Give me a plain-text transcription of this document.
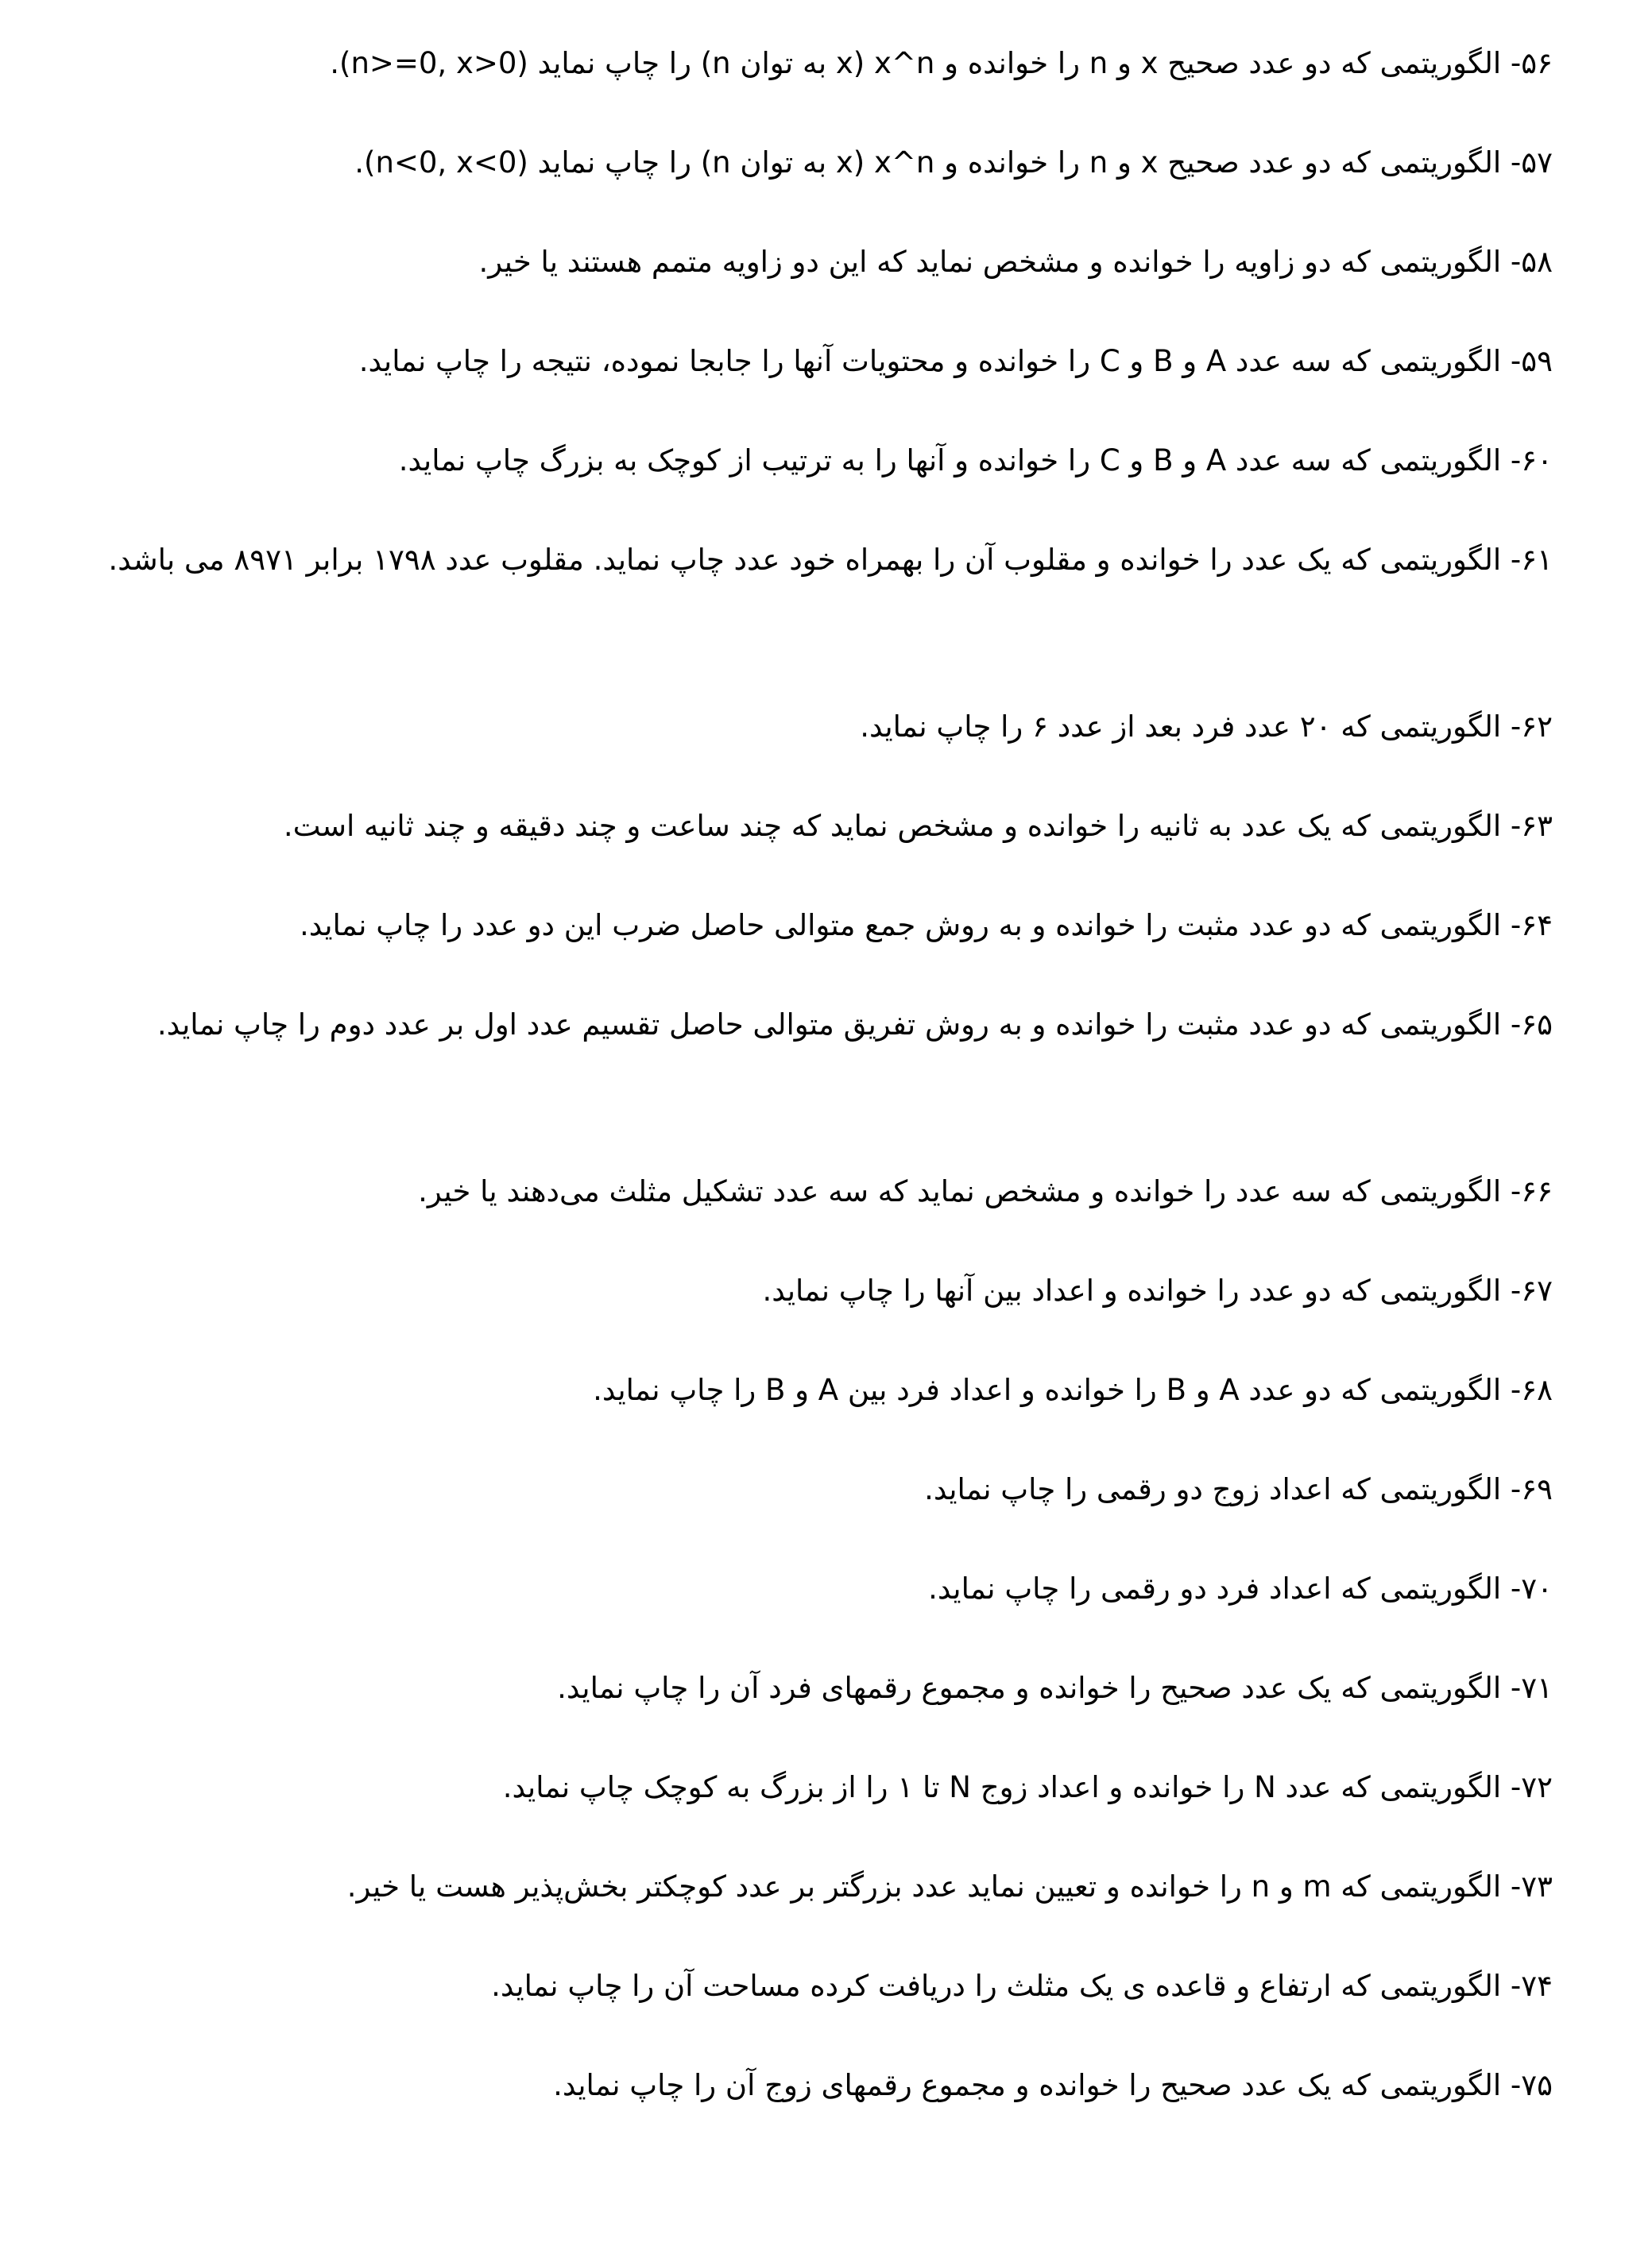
۵۶- الگوریتمی که دو عدد صحیح x و n را خوانده و x^n (x به توان n) را چاپ نماید (n>=0, x>0).

۵۷- الگوریتمی که دو عدد صحیح x و n را خوانده و x^n (x به توان n) را چاپ نماید (n<0, x<0).

۵۸- الگوریتمی که دو زاویه را خوانده و مشخص نماید که این دو زاویه متمم هستند یا خیر.

۵۹- الگوریتمی که سه عدد A و B و C را خوانده و محتویات آنها را جابجا نموده، نتیجه را چاپ نماید.

۶۰- الگوریتمی که سه عدد A و B و C را خوانده و آنها را به ترتیب از کوچک به بزرگ چاپ نماید.

۶۱- الگوریتمی که یک عدد را خوانده و مقلوب آن را بهمراه خود عدد چاپ نماید. مقلوب عدد ۱۷۹۸ برابر ۸۹۷۱ می باشد.

۶۲- الگوریتمی که ۲۰ عدد فرد بعد از عدد ۶ را چاپ نماید.

۶۳- الگوریتمی که یک عدد به ثانیه را خوانده و مشخص نماید که چند ساعت و چند دقیقه و چند ثانیه است.

۶۴- الگوریتمی که دو عدد مثبت را خوانده و به روش جمع متوالی حاصل ضرب این دو عدد را چاپ نماید.

۶۵- الگوریتمی که دو عدد مثبت را خوانده و به روش تفریق متوالی حاصل تقسیم عدد اول بر عدد دوم را چاپ نماید.

۶۶- الگوریتمی که سه عدد را خوانده و مشخص نماید که سه عدد تشکیل مثلث می‌دهند یا خیر.

۶۷- الگوریتمی که دو عدد را خوانده و اعداد بین آنها را چاپ نماید.

۶۸- الگوریتمی که دو عدد A و B را خوانده و اعداد فرد بین A و B را چاپ نماید.

۶۹- الگوریتمی که اعداد زوج دو رقمی را چاپ نماید.

۷۰- الگوریتمی که اعداد فرد دو رقمی را چاپ نماید.

۷۱- الگوریتمی که یک عدد صحیح را خوانده و مجموع رقمهای فرد آن را چاپ نماید.

۷۲- الگوریتمی که عدد N را خوانده و اعداد زوج N تا ۱ را از بزرگ به کوچک چاپ نماید.

۷۳- الگوریتمی که m و n را خوانده و تعیین نماید عدد بزرگتر بر عدد کوچکتر بخش‌پذیر هست یا خیر.

۷۴- الگوریتمی که ارتفاع و قاعده ی یک مثلث را دریافت کرده مساحت آن را چاپ نماید.

۷۵- الگوریتمی که یک عدد صحیح را خوانده و مجموع رقمهای زوج آن را چاپ نماید.
